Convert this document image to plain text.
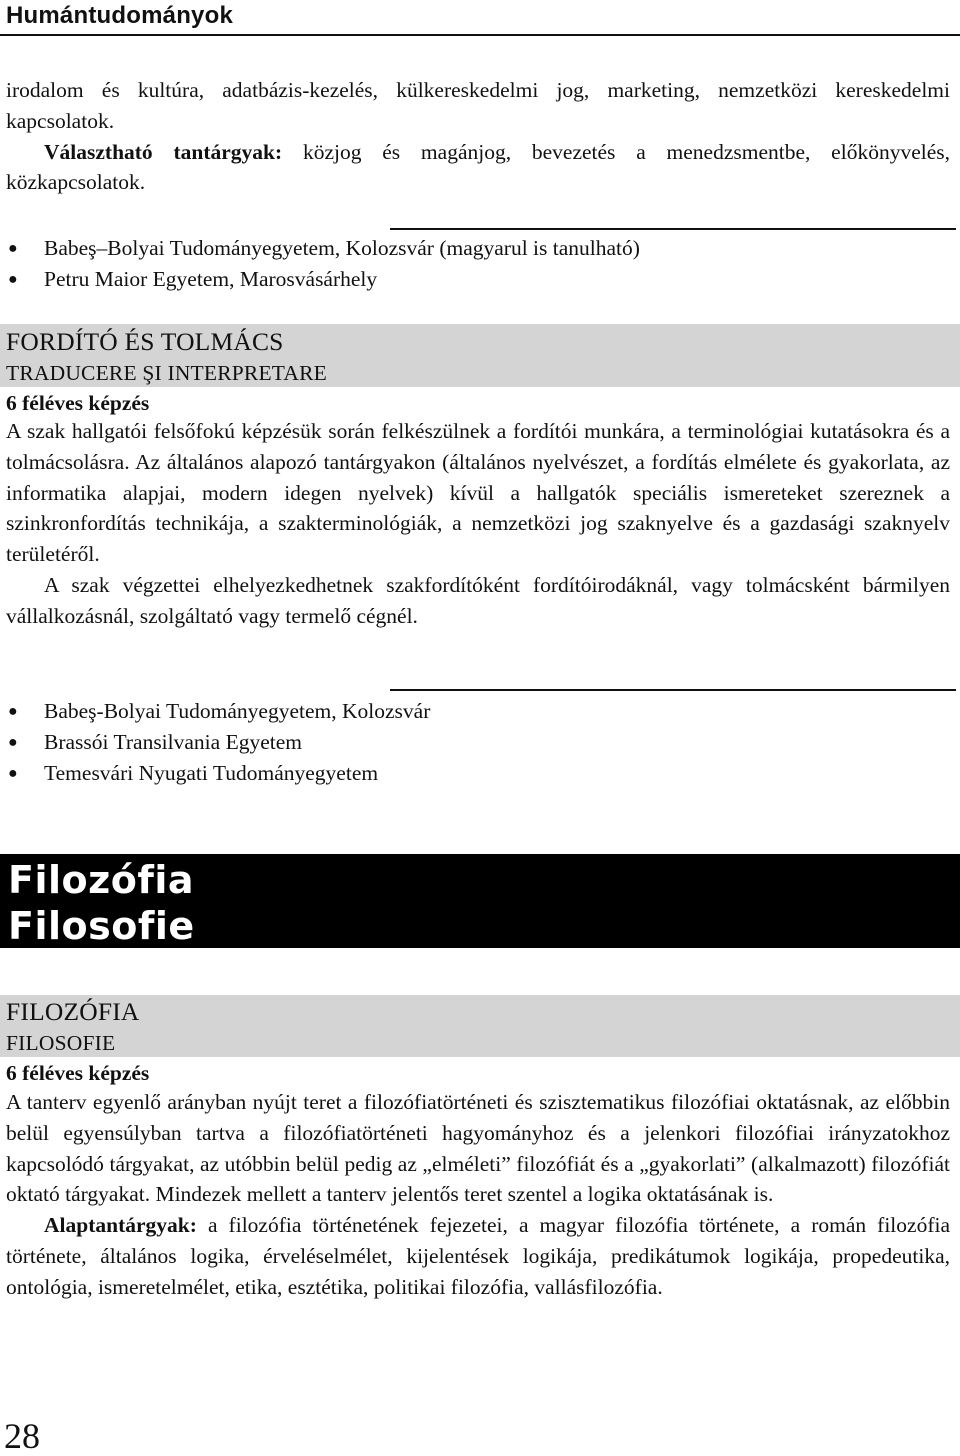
Humántudományok
irodalom és kultúra, adatbázis-kezelés, külkereskedelmi jog, marketing, nemzetközi kereskedelmi kapcsolatok.
Választható tantárgyak: közjog és magánjog, bevezetés a menedzsmentbe, előkönyvelés, közkapcsolatok.
● Babeş–Bolyai Tudományegyetem, Kolozsvár (magyarul is tanulható)
● Petru Maior Egyetem, Marosvásárhely
FORDÍTÓ ÉS TOLMÁCS
TRADUCERE ŞI INTERPRETARE
6 féléves képzés
A szak hallgatói felsőfokú képzésük során felkészülnek a fordítói munkára, a terminológiai kutatásokra és a tolmácsolásra. Az általános alapozó tantárgyakon (általános nyelvészet, a fordítás elmélete és gyakorlata, az informatika alapjai, modern idegen nyelvek) kívül a hallgatók speciális ismereteket szereznek a szinkronfordítás technikája, a szakterminológiák, a nemzetközi jog szaknyelve és a gazdasági szaknyelv területéről.
A szak végzettei elhelyezkedhetnek szakfordítóként fordítóirodáknál, vagy tolmácsként bármilyen vállalkozásnál, szolgáltató vagy termelő cégnél.
● Babeş-Bolyai Tudományegyetem, Kolozsvár
● Brassói Transilvania Egyetem
● Temesvári Nyugati Tudományegyetem
Filozófia
Filosofie
FILOZÓFIA
FILOSOFIE
6 féléves képzés
A tanterv egyenlő arányban nyújt teret a filozófiatörténeti és szisztematikus filozófiai oktatásnak, az előbbin belül egyensúlyban tartva a filozófiatörténeti hagyományhoz és a jelenkori filozófiai irányzatokhoz kapcsolódó tárgyakat, az utóbbin belül pedig az „elméleti” filozófiát és a „gyakorlati” (alkalmazott) filozófiát oktató tárgyakat. Mindezek mellett a tanterv jelentős teret szentel a logika oktatásának is.
Alaptantárgyak: a filozófia történetének fejezetei, a magyar filozófia története, a román filozófia története, általános logika, érveléselmélet, kijelentések logikája, predikátumok logikája, propedeutika, ontológia, ismeretelmélet, etika, esztétika, politikai filozófia, vallásfilozófia.
28
